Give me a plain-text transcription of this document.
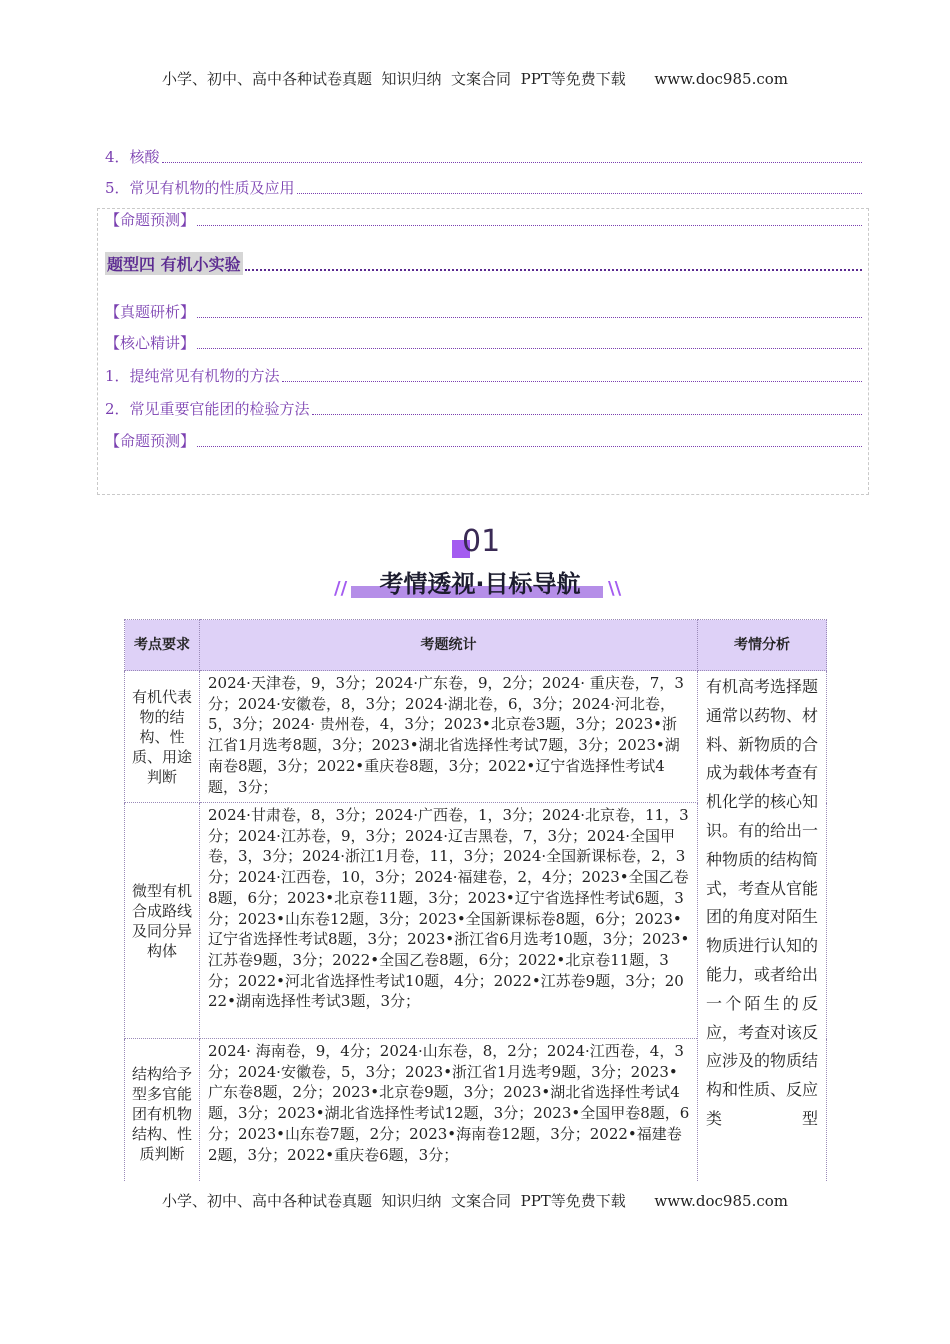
小学、初中、高中各种试卷真题  知识归纳  文案合同  PPT等免费下载      www.doc985.com
4．核酸
5．常见有机物的性质及应用
【命题预测】
题型四 有机小实验
【真题研析】
【核心精讲】
1．提纯常见有机物的方法
2．常见重要官能团的检验方法
【命题预测】
01
考情透视·目标导航
//	\\
考点要求	考题统计	考情分析
有机代表物的结构、性质、用途判断	2024·天津卷，9，3分；2024·广东卷，9，2分；2024· 重庆卷，7，3分；2024·安徽卷，8，3分；2024·湖北卷，6，3分；2024·河北卷，5，3分；2024· 贵州卷，4，3分；2023•北京卷3题，3分；2023•浙江省1月选考8题，3分；2023•湖北省选择性考试7题，3分；2023•湖南卷8题，3分；2022•重庆卷8题，3分；2022•辽宁省选择性考试4题，3分；	有机高考选择题通常以药物、材料、新物质的合成为载体考查有机化学的核心知识。有的给出一种物质的结构简式，考查从官能团的角度对陌生物质进行认知的能力，或者给出一个陌生的反应，考查对该反应涉及的物质结构和性质、反应类型
微型有机合成路线及同分异构体	2024·甘肃卷，8，3分；2024·广西卷，1，3分；2024·北京卷，11，3分；2024·江苏卷，9，3分；2024·辽吉黑卷，7，3分；2024·全国甲卷，3，3分；2024·浙江1月卷，11，3分；2024·全国新课标卷，2，3分；2024·江西卷，10，3分；2024·福建卷，2，4分；2023•全国乙卷8题，6分；2023•北京卷11题，3分；2023•辽宁省选择性考试6题，3分；2023•山东卷12题，3分；2023•全国新课标卷8题，6分；2023•辽宁省选择性考试8题，3分；2023•浙江省6月选考10题，3分；2023•江苏卷9题，3分；2022•全国乙卷8题，6分；2022•北京卷11题，3分；2022•河北省选择性考试10题，4分；2022•江苏卷9题，3分；2022•湖南选择性考试3题，3分；	
结构给予型多官能团有机物结构、性质判断	2024· 海南卷，9，4分；2024·山东卷，8，2分；2024·江西卷，4，3分；2024·安徽卷，5，3分；2023•浙江省1月选考9题，3分；2023•广东卷8题，2分；2023•北京卷9题，3分；2023•湖北省选择性考试4题，3分；2023•湖北省选择性考试12题，3分；2023•全国甲卷8题，6分；2023•山东卷7题，2分；2023•海南卷12题，3分；2022•福建卷2题，3分；2022•重庆卷6题，3分；	
小学、初中、高中各种试卷真题  知识归纳  文案合同  PPT等免费下载      www.doc985.com
